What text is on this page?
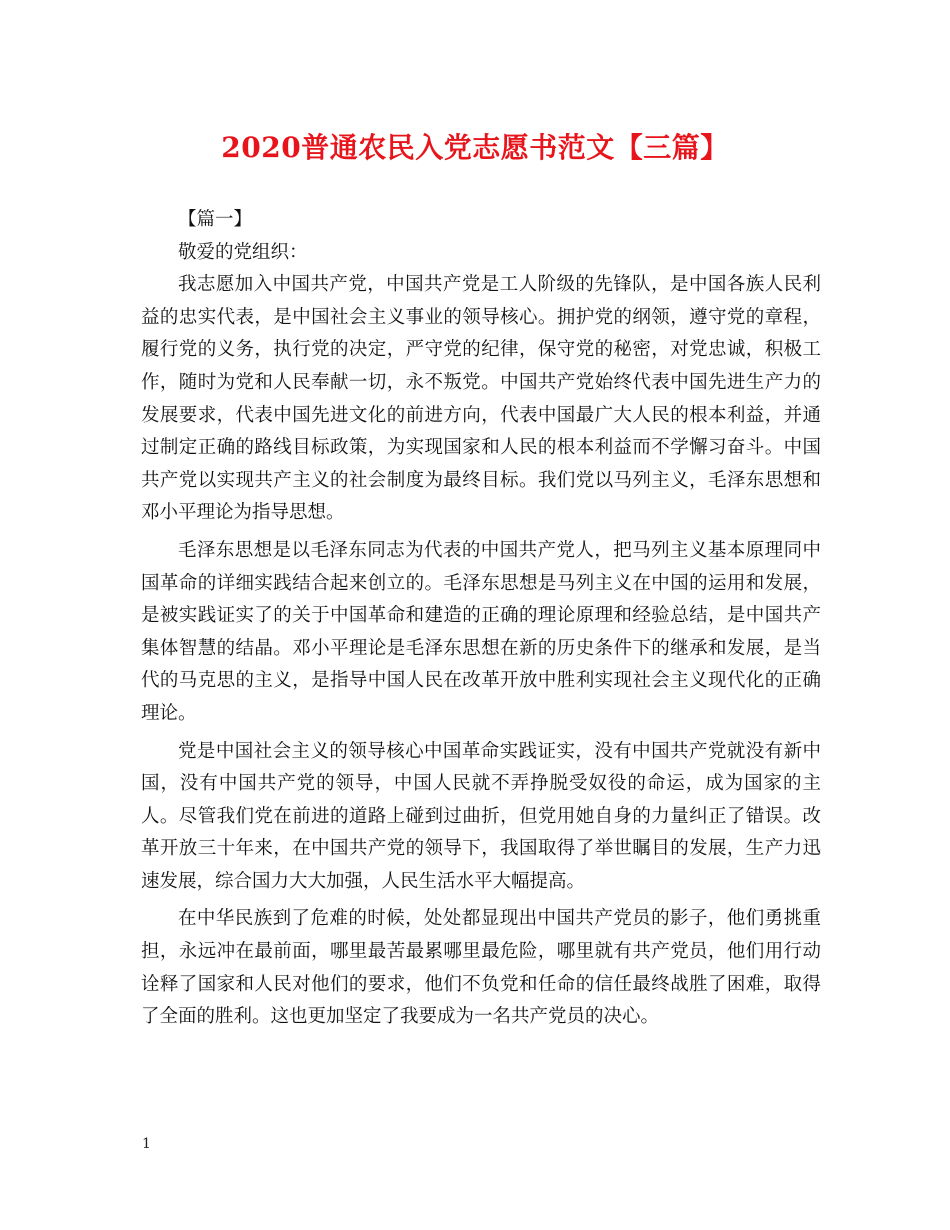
2020普通农民入党志愿书范文【三篇】

【篇一】

敬爱的党组织：

我志愿加入中国共产党，中国共产党是工人阶级的先锋队，是中国各族人民利益的忠实代表，是中国社会主义事业的领导核心。拥护党的纲领，遵守党的章程，履行党的义务，执行党的决定，严守党的纪律，保守党的秘密，对党忠诚，积极工作，随时为党和人民奉献一切，永不叛党。中国共产党始终代表中国先进生产力的发展要求，代表中国先进文化的前进方向，代表中国最广大人民的根本利益，并通过制定正确的路线目标政策，为实现国家和人民的根本利益而不学懈习奋斗。中国共产党以实现共产主义的社会制度为最终目标。我们党以马列主义，毛泽东思想和邓小平理论为指导思想。

毛泽东思想是以毛泽东同志为代表的中国共产党人，把马列主义基本原理同中国革命的详细实践结合起来创立的。毛泽东思想是马列主义在中国的运用和发展，是被实践证实了的关于中国革命和建造的正确的理论原理和经验总结，是中国共产集体智慧的结晶。邓小平理论是毛泽东思想在新的历史条件下的继承和发展，是当代的马克思的主义，是指导中国人民在改革开放中胜利实现社会主义现代化的正确理论。

党是中国社会主义的领导核心中国革命实践证实，没有中国共产党就没有新中国，没有中国共产党的领导，中国人民就不弄挣脱受奴役的命运，成为国家的主人。尽管我们党在前进的道路上碰到过曲折，但党用她自身的力量纠正了错误。改革开放三十年来，在中国共产党的领导下，我国取得了举世瞩目的发展，生产力迅速发展，综合国力大大加强，人民生活水平大幅提高。

在中华民族到了危难的时候，处处都显现出中国共产党员的影子，他们勇挑重担，永远冲在最前面，哪里最苦最累哪里最危险，哪里就有共产党员，他们用行动诠释了国家和人民对他们的要求，他们不负党和任命的信任最终战胜了困难，取得了全面的胜利。这也更加坚定了我要成为一名共产党员的决心。

1
